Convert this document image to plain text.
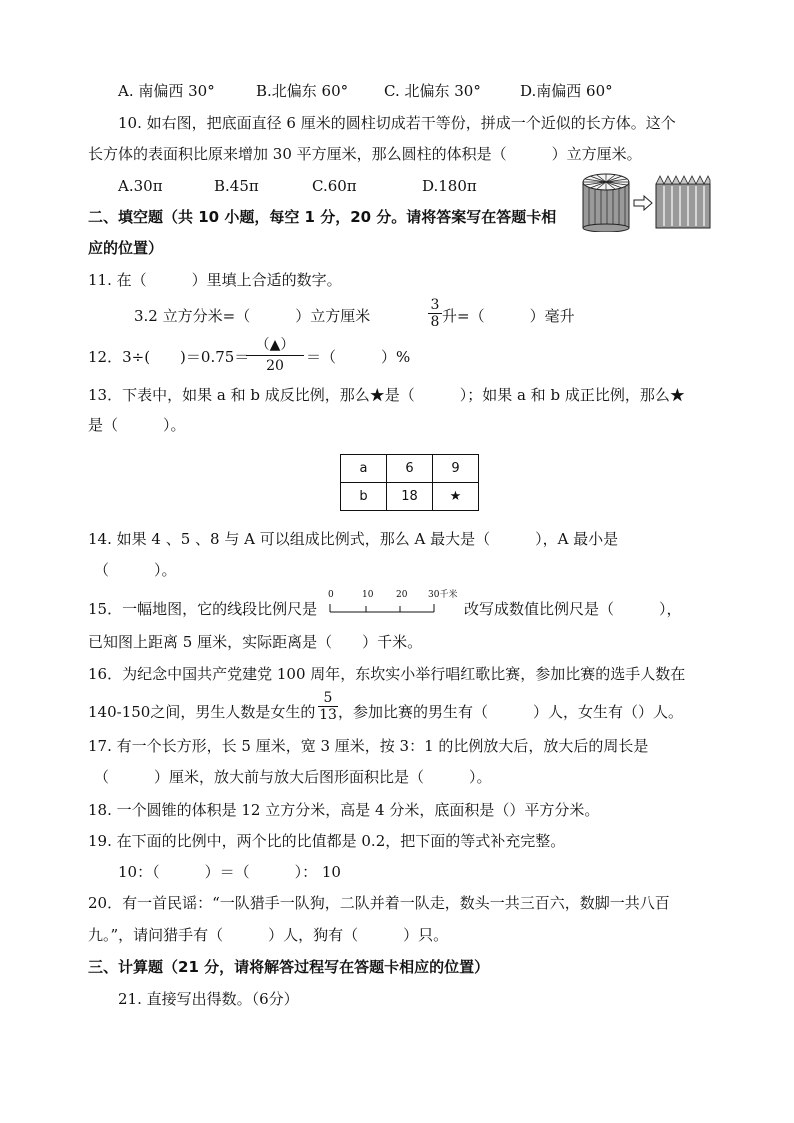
A. 南偏西 30°	B.北偏东 60° C. 北偏东 30°	D.南偏西 60°
10. 如右图，把底面直径 6 厘米的圆柱切成若干等份，拼成一个近似的长方体。这个
长方体的表面积比原来增加 30 平方厘米，那么圆柱的体积是（　　　）立方厘米。
A.30π	B.45π	C.60π	D.180π
二、填空题（共 10 小题，每空 1 分，20 分。请将答案写在答题卡相
应的位置）
11. 在（　　　）里填上合适的数字。
3.2 立方分米=（　　　）立方厘米	$\frac{3}{8}$ 升=（　　　）毫升
12．3÷(　　)＝0.75＝
（▲）
20	＝（　　　）%
13．下表中，如果 a 和 b 成反比例，那么★是（　　　）；如果 a 和 b 成正比例，那么★
是（　　　）。
a	6	9
b	18	★
14. 如果 4 、5 、8 与 A 可以组成比例式，那么 A 最大是（　　　），A 最小是
（　　　）。
15．一幅地图，它的线段比例尺是
0	10	20 30千米
改写成数值比例尺是（　　　），
已知图上距离 5 厘米，实际距离是（　　）千米。
16．为纪念中国共产党建党 100 周年，东坎实小举行唱红歌比赛，参加比赛的选手人数在
140-150之间，男生人数是女生的 $\frac{5}{13}$ ，参加比赛的男生有（　　　）人，女生有（）人。
17. 有一个长方形，长 5 厘米，宽 3 厘米，按 3：1 的比例放大后，放大后的周长是
（　　　）厘米，放大前与放大后图形面积比是（　　　）。
18. 一个圆锥的体积是 12 立方分米，高是 4 分米，底面积是（）平方分米。
19. 在下面的比例中，两个比的比值都是 0.2，把下面的等式补充完整。
10：（　　　）＝（　　　）： 10
20．有一首民谣：“一队猎手一队狗，二队并着一队走，数头一共三百六，数脚一共八百
九。”，请问猎手有（　　　）人，狗有（　　　）只。
三、计算题（21 分，请将解答过程写在答题卡相应的位置）
21. 直接写出得数。（6分）
